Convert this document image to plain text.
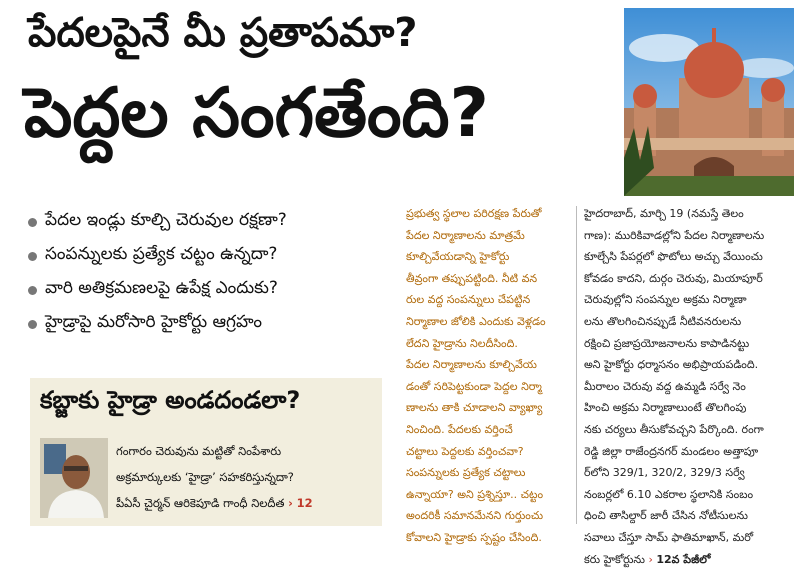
పేదలపైనే మీ ప్రతాపమా?
పెద్దల సంగతేంది?
పేదల ఇండ్లు కూల్చి చెరువుల రక్షణా?
సంపన్నులకు ప్రత్యేక చట్టం ఉన్నదా?
వారి అతిక్రమణలపై ఉపేక్ష ఎందుకు?
హైడ్రాపై మరోసారి హైకోర్టు ఆగ్రహం
కబ్జాకు హైడ్రా అండదండలా?
గంగారం చెరువును మట్టితో నింపేశారు
అక్రమార్కులకు ‘హైడ్రా’ సహకరిస్తున్నదా?
పీఏసీ చైర్మన్ ఆరికెపూడి గాంధీ నిలదీత › 12
ప్రభుత్వ స్థలాల పరిరక్షణ పేరుతో
పేదల నిర్మాణాలను మాత్రమే
కూల్చివేయడాన్ని హైకోర్టు
తీవ్రంగా తప్పుపట్టింది. నీటి వన
రుల వద్ద సంపన్నులు చేపట్టిన
నిర్మాణాల జోలికి ఎందుకు వెళ్లడం
లేదని హైడ్రాను నిలదీసింది.
పేదల నిర్మాణాలను కూల్చివేయ
డంతో సరిపెట్టకుండా పెద్దల నిర్మా
ణాలను తాకి చూడాలని వ్యాఖ్యా
నించింది. పేదలకు వర్తించే
చట్టాలు పెద్దలకు వర్తించవా?
సంపన్నులకు ప్రత్యేక చట్టాలు
ఉన్నాయా? అని ప్రశ్నిస్తూ.. చట్టం
అందరికీ సమానమేనని గుర్తుంచు
కోవాలని హైడ్రాకు స్పష్టం చేసింది.
హైదరాబాద్, మార్చి 19 (నమస్తే తెలం
గాణ): మురికివాడల్లోని పేదల నిర్మాణాలను
కూల్చేసి పేపర్లలో ఫొటోలు అచ్చు వేయించు
కోవడం కాదని, దుర్గం చెరువు, మియాపూర్
చెరువుల్లోని సంపన్నుల అక్రమ నిర్మాణా
లను తొలగించినప్పుడే నీటివనరులను
రక్షించి ప్రజాప్రయోజనాలను కాపాడినట్టు
అని హైకోర్టు ధర్మాసనం అభిప్రాయపడింది.
మీరాలం చెరువు వద్ద ఉమ్మడి సర్వే నెం
హించి అక్రమ నిర్మాణాలుంటే తొలగింపు
నకు చర్యలు తీసుకోవచ్చని పేర్కొంది. రంగా
రెడ్డి జిల్లా రాజేంద్రనగర్ మండలం అత్తాపూ
ర్‌లోని 329/1, 320/2, 329/3 సర్వే
నంబర్లలో 6.10 ఎకరాల స్థలానికి సంబం
ధించి తాసిల్దార్ జారీ చేసిన నోటీసులను
సవాలు చేస్తూ సామ్ ఫాతిమాఖాన్, మరో
కరు హైకోర్టును › 12వ పేజీలో
